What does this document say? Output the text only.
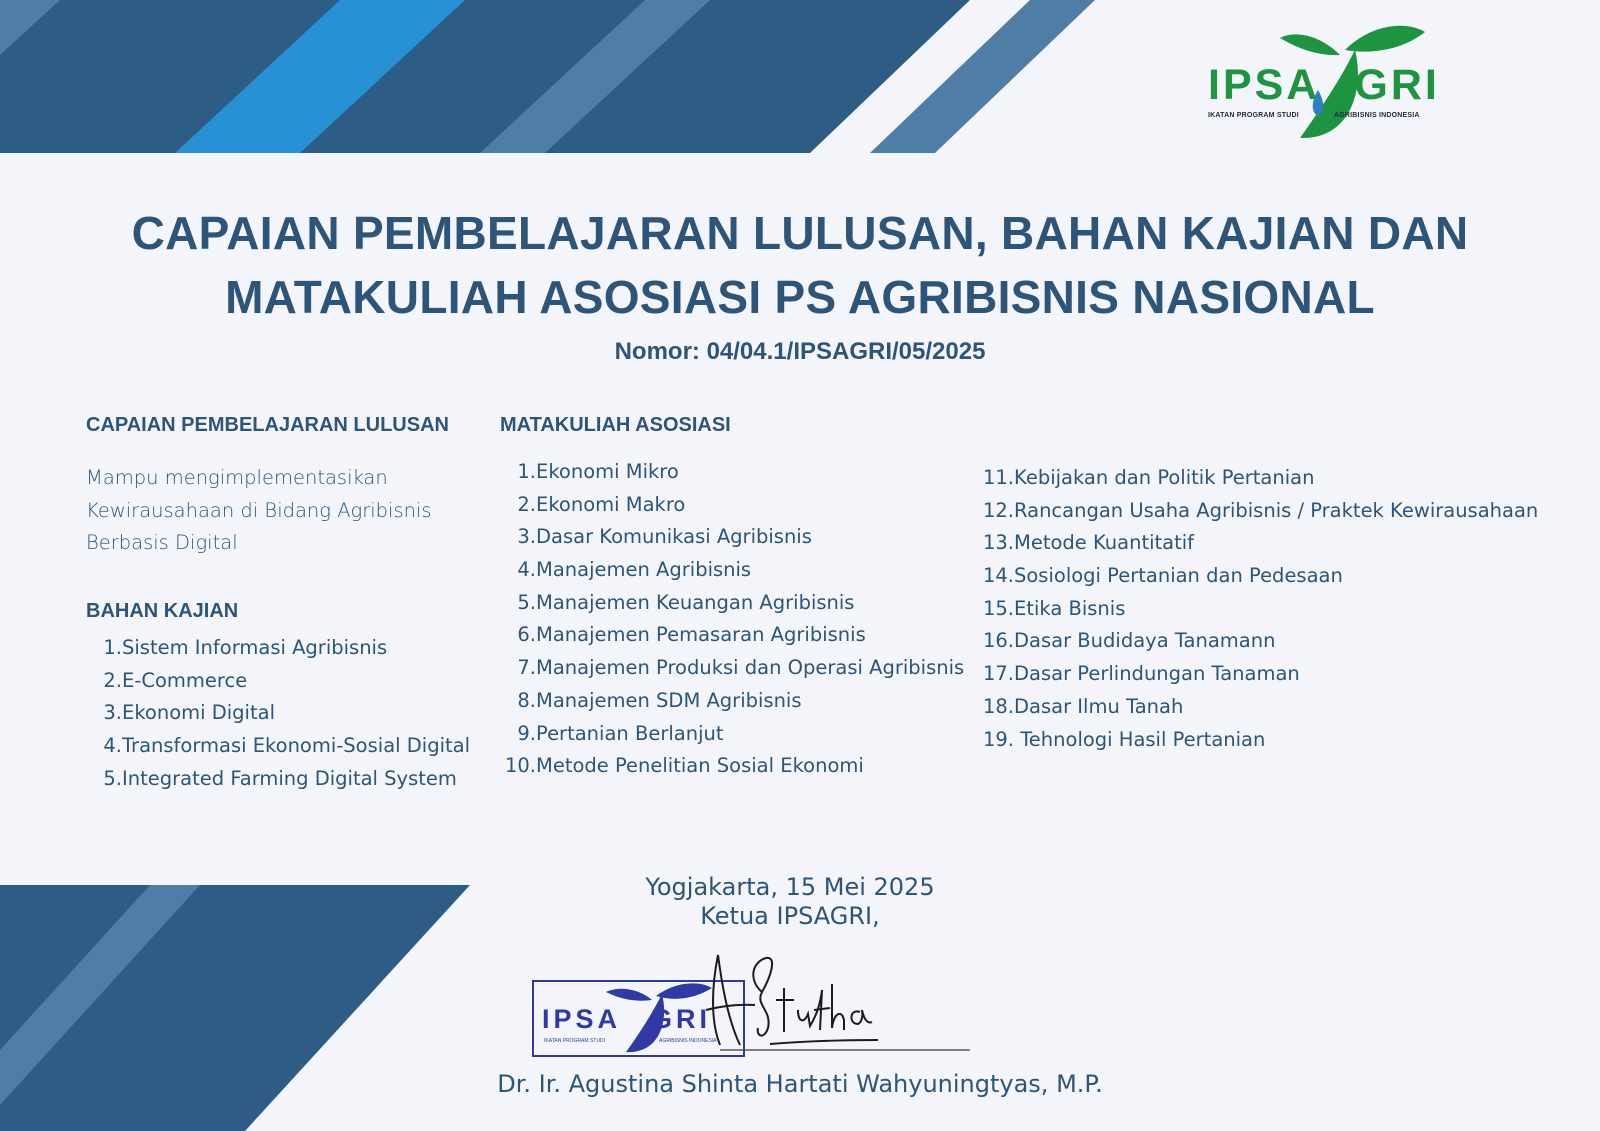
IPSA GRI
IKATAN PROGRAM STUDI	AGRIBISNIS INDONESIA
CAPAIAN PEMBELAJARAN LULUSAN, BAHAN KAJIAN DAN
MATAKULIAH ASOSIASI PS AGRIBISNIS NASIONAL
Nomor: 04/04.1/IPSAGRI/05/2025
CAPAIAN PEMBELAJARAN LULUSAN
Mampu mengimplementasikan
Kewirausahaan di Bidang Agribisnis
Berbasis Digital
BAHAN KAJIAN
1. Sistem Informasi Agribisnis
2. E-Commerce
3. Ekonomi Digital
4. Transformasi Ekonomi-Sosial Digital
5. Integrated Farming Digital System
MATAKULIAH ASOSIASI
1. Ekonomi Mikro
2. Ekonomi Makro
3. Dasar Komunikasi Agribisnis
4. Manajemen Agribisnis
5. Manajemen Keuangan Agribisnis
6. Manajemen Pemasaran Agribisnis
7. Manajemen Produksi dan Operasi Agribisnis
8. Manajemen SDM Agribisnis
9. Pertanian Berlanjut
10. Metode Penelitian Sosial Ekonomi
11. Kebijakan dan Politik Pertanian
12. Rancangan Usaha Agribisnis / Praktek Kewirausahaan
13. Metode Kuantitatif
14. Sosiologi Pertanian dan Pedesaan
15. Etika Bisnis
16. Dasar Budidaya Tanamann
17. Dasar Perlindungan Tanaman
18. Dasar Ilmu Tanah
19. Tehnologi Hasil Pertanian
Yogjakarta, 15 Mei 2025
Ketua IPSAGRI,
IPSA GRI
IKATAN PROGRAM STUDI	AGRIBISNIS INDONESIA
Dr. Ir. Agustina Shinta Hartati Wahyuningtyas, M.P.
